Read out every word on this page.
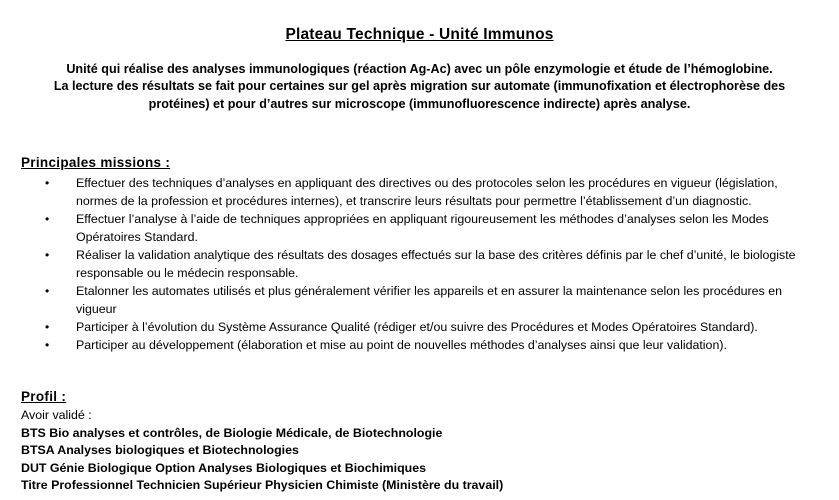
Plateau Technique - Unité Immunos
Unité qui réalise des analyses immunologiques (réaction Ag-Ac) avec un pôle enzymologie et étude de l’hémoglobine.
La lecture des résultats se fait pour certaines sur gel après migration sur automate (immunofixation et électrophorèse des
protéines) et pour d’autres sur microscope (immunofluorescence indirecte) après analyse.
Principales missions :
• Effectuer des techniques d’analyses en appliquant des directives ou des protocoles selon les procédures en vigueur (législation,
normes de la profession et procédures internes), et transcrire leurs résultats pour permettre l’établissement d’un diagnostic.
• Effectuer l’analyse à l’aide de techniques appropriées en appliquant rigoureusement les méthodes d’analyses selon les Modes
Opératoires Standard.
• Réaliser la validation analytique des résultats des dosages effectués sur la base des critères définis par le chef d’unité, le biologiste
responsable ou le médecin responsable.
• Etalonner les automates utilisés et plus généralement vérifier les appareils et en assurer la maintenance selon les procédures en
vigueur
• Participer à l’évolution du Système Assurance Qualité (rédiger et/ou suivre des Procédures et Modes Opératoires Standard).
• Participer au développement (élaboration et mise au point de nouvelles méthodes d’analyses ainsi que leur validation).
Profil :
Avoir validé :
BTS Bio analyses et contrôles, de Biologie Médicale, de Biotechnologie
BTSA Analyses biologiques et Biotechnologies
DUT Génie Biologique Option Analyses Biologiques et Biochimiques
Titre Professionnel Technicien Supérieur Physicien Chimiste (Ministère du travail)
